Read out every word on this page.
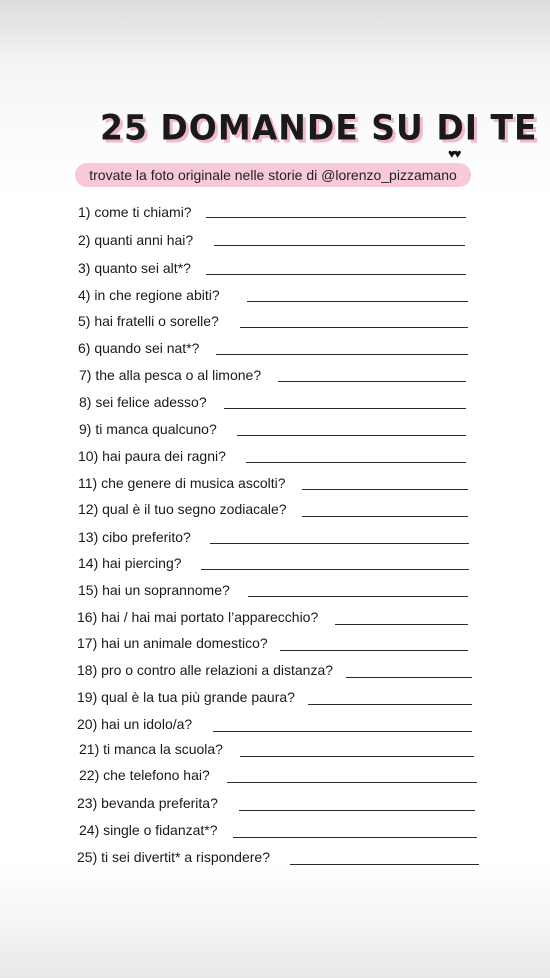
25 DOMANDE SU DI TE
♥♥
trovate la foto originale nelle storie di @lorenzo_pizzamano
1) come ti chiami?
2) quanti anni hai?
3) quanto sei alt*?
4) in che regione abiti?
5) hai fratelli o sorelle?
6) quando sei nat*?
7) the alla pesca o al limone?
8) sei felice adesso?
9) ti manca qualcuno?
10) hai paura dei ragni?
11) che genere di musica ascolti?
12) qual è il tuo segno zodiacale?
13) cibo preferito?
14) hai piercing?
15) hai un soprannome?
16) hai / hai mai portato l’apparecchio?
17) hai un animale domestico?
18) pro o contro alle relazioni a distanza?
19) qual è la tua più grande paura?
20) hai un idolo/a?
21) ti manca la scuola?
22) che telefono hai?
23) bevanda preferita?
24) single o fidanzat*?
25) ti sei divertit* a rispondere?
